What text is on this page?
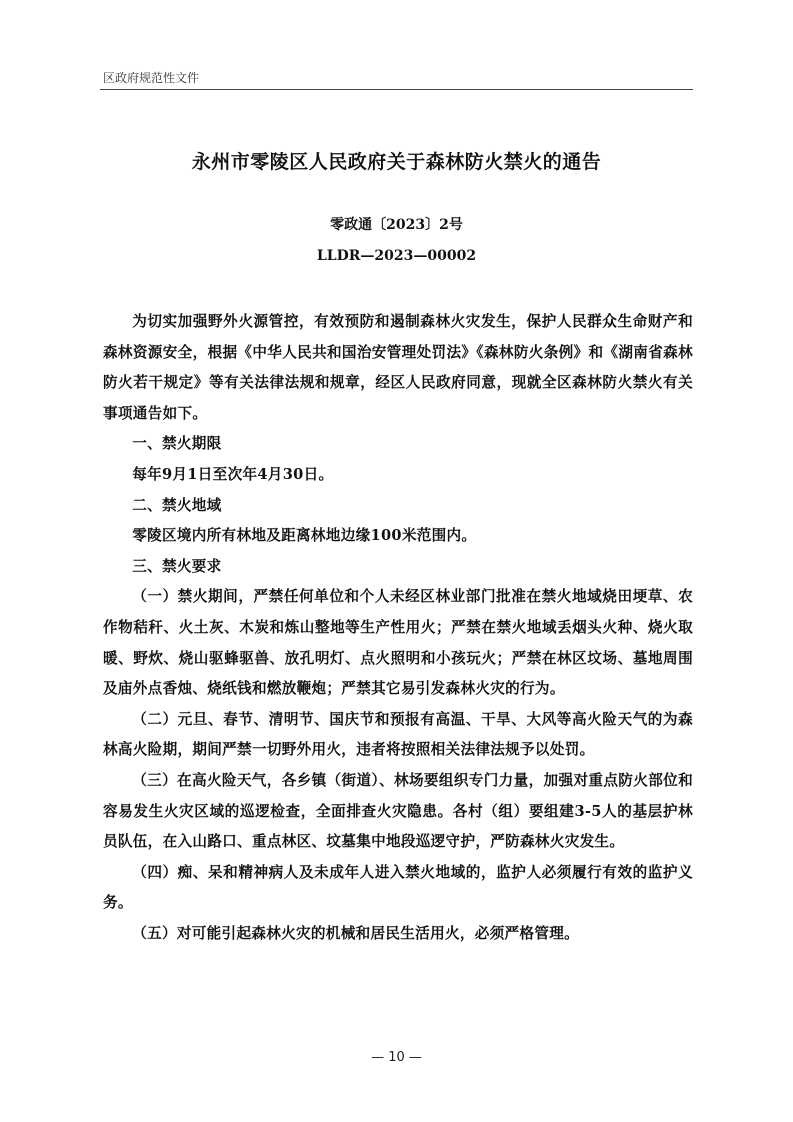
区政府规范性文件
永州市零陵区人民政府关于森林防火禁火的通告
零政通〔2023〕2号
LLDR—2023—00002

为切实加强野外火源管控，有效预防和遏制森林火灾发生，保护人民群众生命财产和森林资源安全，根据《中华人民共和国治安管理处罚法》《森林防火条例》和《湖南省森林防火若干规定》等有关法律法规和规章，经区人民政府同意，现就全区森林防火禁火有关事项通告如下。

一、禁火期限

每年9月1日至次年4月30日。

二、禁火地域

零陵区境内所有林地及距离林地边缘100米范围内。

三、禁火要求

（一）禁火期间，严禁任何单位和个人未经区林业部门批准在禁火地域烧田埂草、农作物秸秆、火土灰、木炭和炼山整地等生产性用火；严禁在禁火地域丢烟头火种、烧火取暖、野炊、烧山驱蜂驱兽、放孔明灯、点火照明和小孩玩火；严禁在林区坟场、墓地周围及庙外点香烛、烧纸钱和燃放鞭炮；严禁其它易引发森林火灾的行为。

（二）元旦、春节、清明节、国庆节和预报有高温、干旱、大风等高火险天气的为森林高火险期，期间严禁一切野外用火，违者将按照相关法律法规予以处罚。

（三）在高火险天气，各乡镇（街道）、林场要组织专门力量，加强对重点防火部位和容易发生火灾区域的巡逻检查，全面排查火灾隐患。各村（组）要组建3-5人的基层护林员队伍，在入山路口、重点林区、坟墓集中地段巡逻守护，严防森林火灾发生。

（四）痴、呆和精神病人及未成年人进入禁火地域的，监护人必须履行有效的监护义务。

（五）对可能引起森林火灾的机械和居民生活用火，必须严格管理。

— 10 —
